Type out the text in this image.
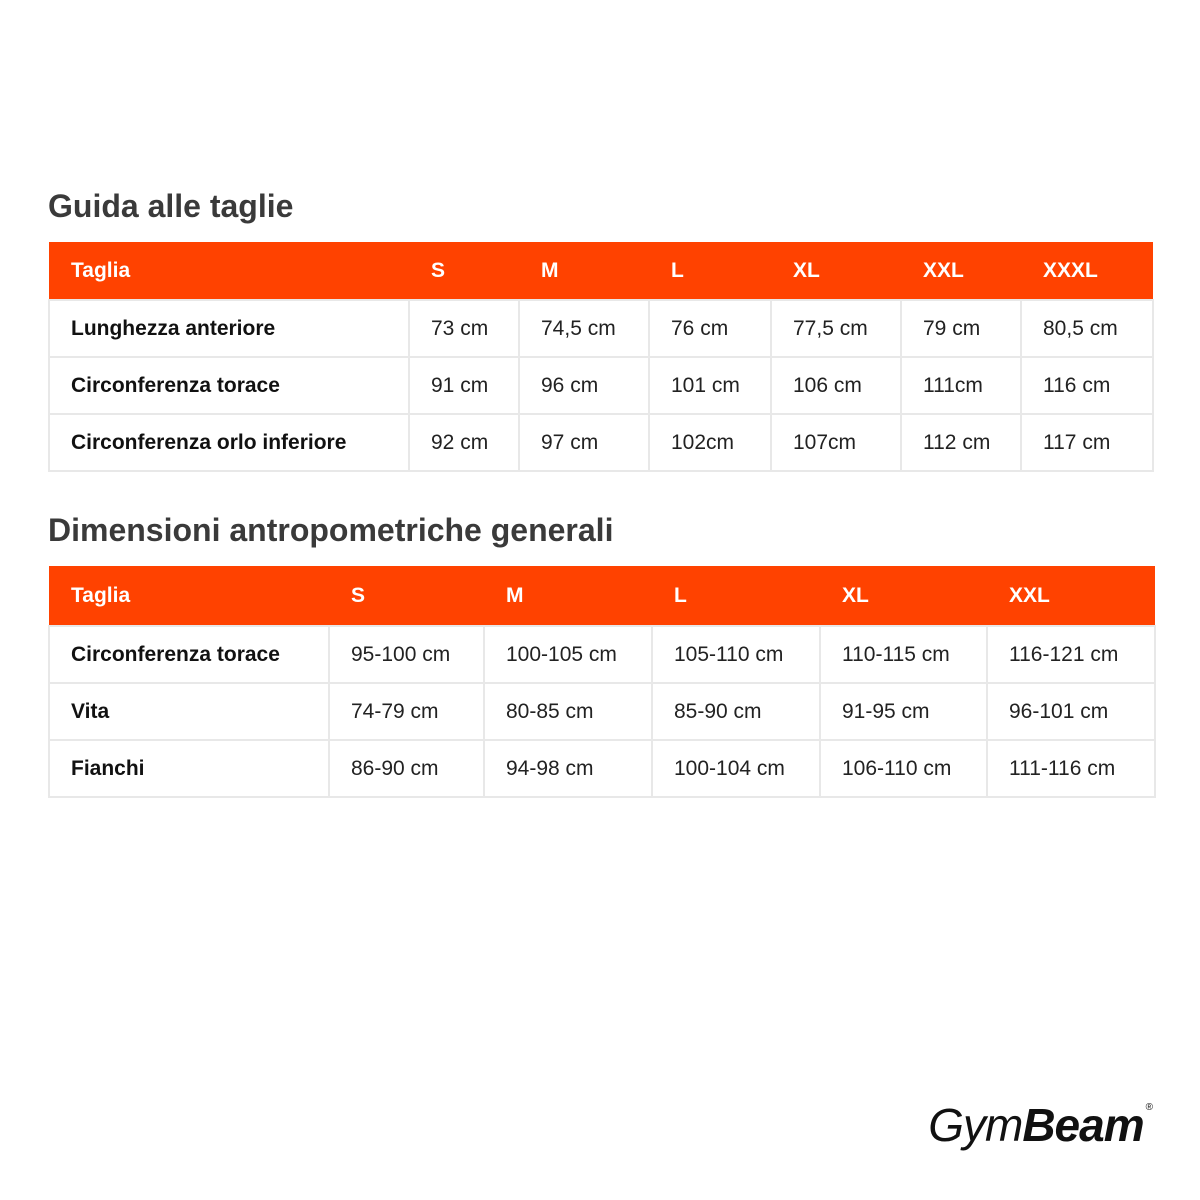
Guida alle taglie
Taglia	S	M	L	XL	XXL	XXXL
Lunghezza anteriore	73 cm	74,5 cm	76 cm	77,5 cm	79 cm	80,5 cm
Circonferenza torace	91 cm	96 cm	101 cm	106 cm	111cm	116 cm
Circonferenza orlo inferiore	92 cm	97 cm	102cm	107cm	112 cm	117 cm
Dimensioni antropometriche generali
Taglia	S	M	L	XL	XXL
Circonferenza torace	95-100 cm	100-105 cm	105-110 cm	110-115 cm	116-121 cm
Vita	74-79 cm	80-85 cm	85-90 cm	91-95 cm	96-101 cm
Fianchi	86-90 cm	94-98 cm	100-104 cm	106-110 cm	111-116 cm
GymBeam ®
